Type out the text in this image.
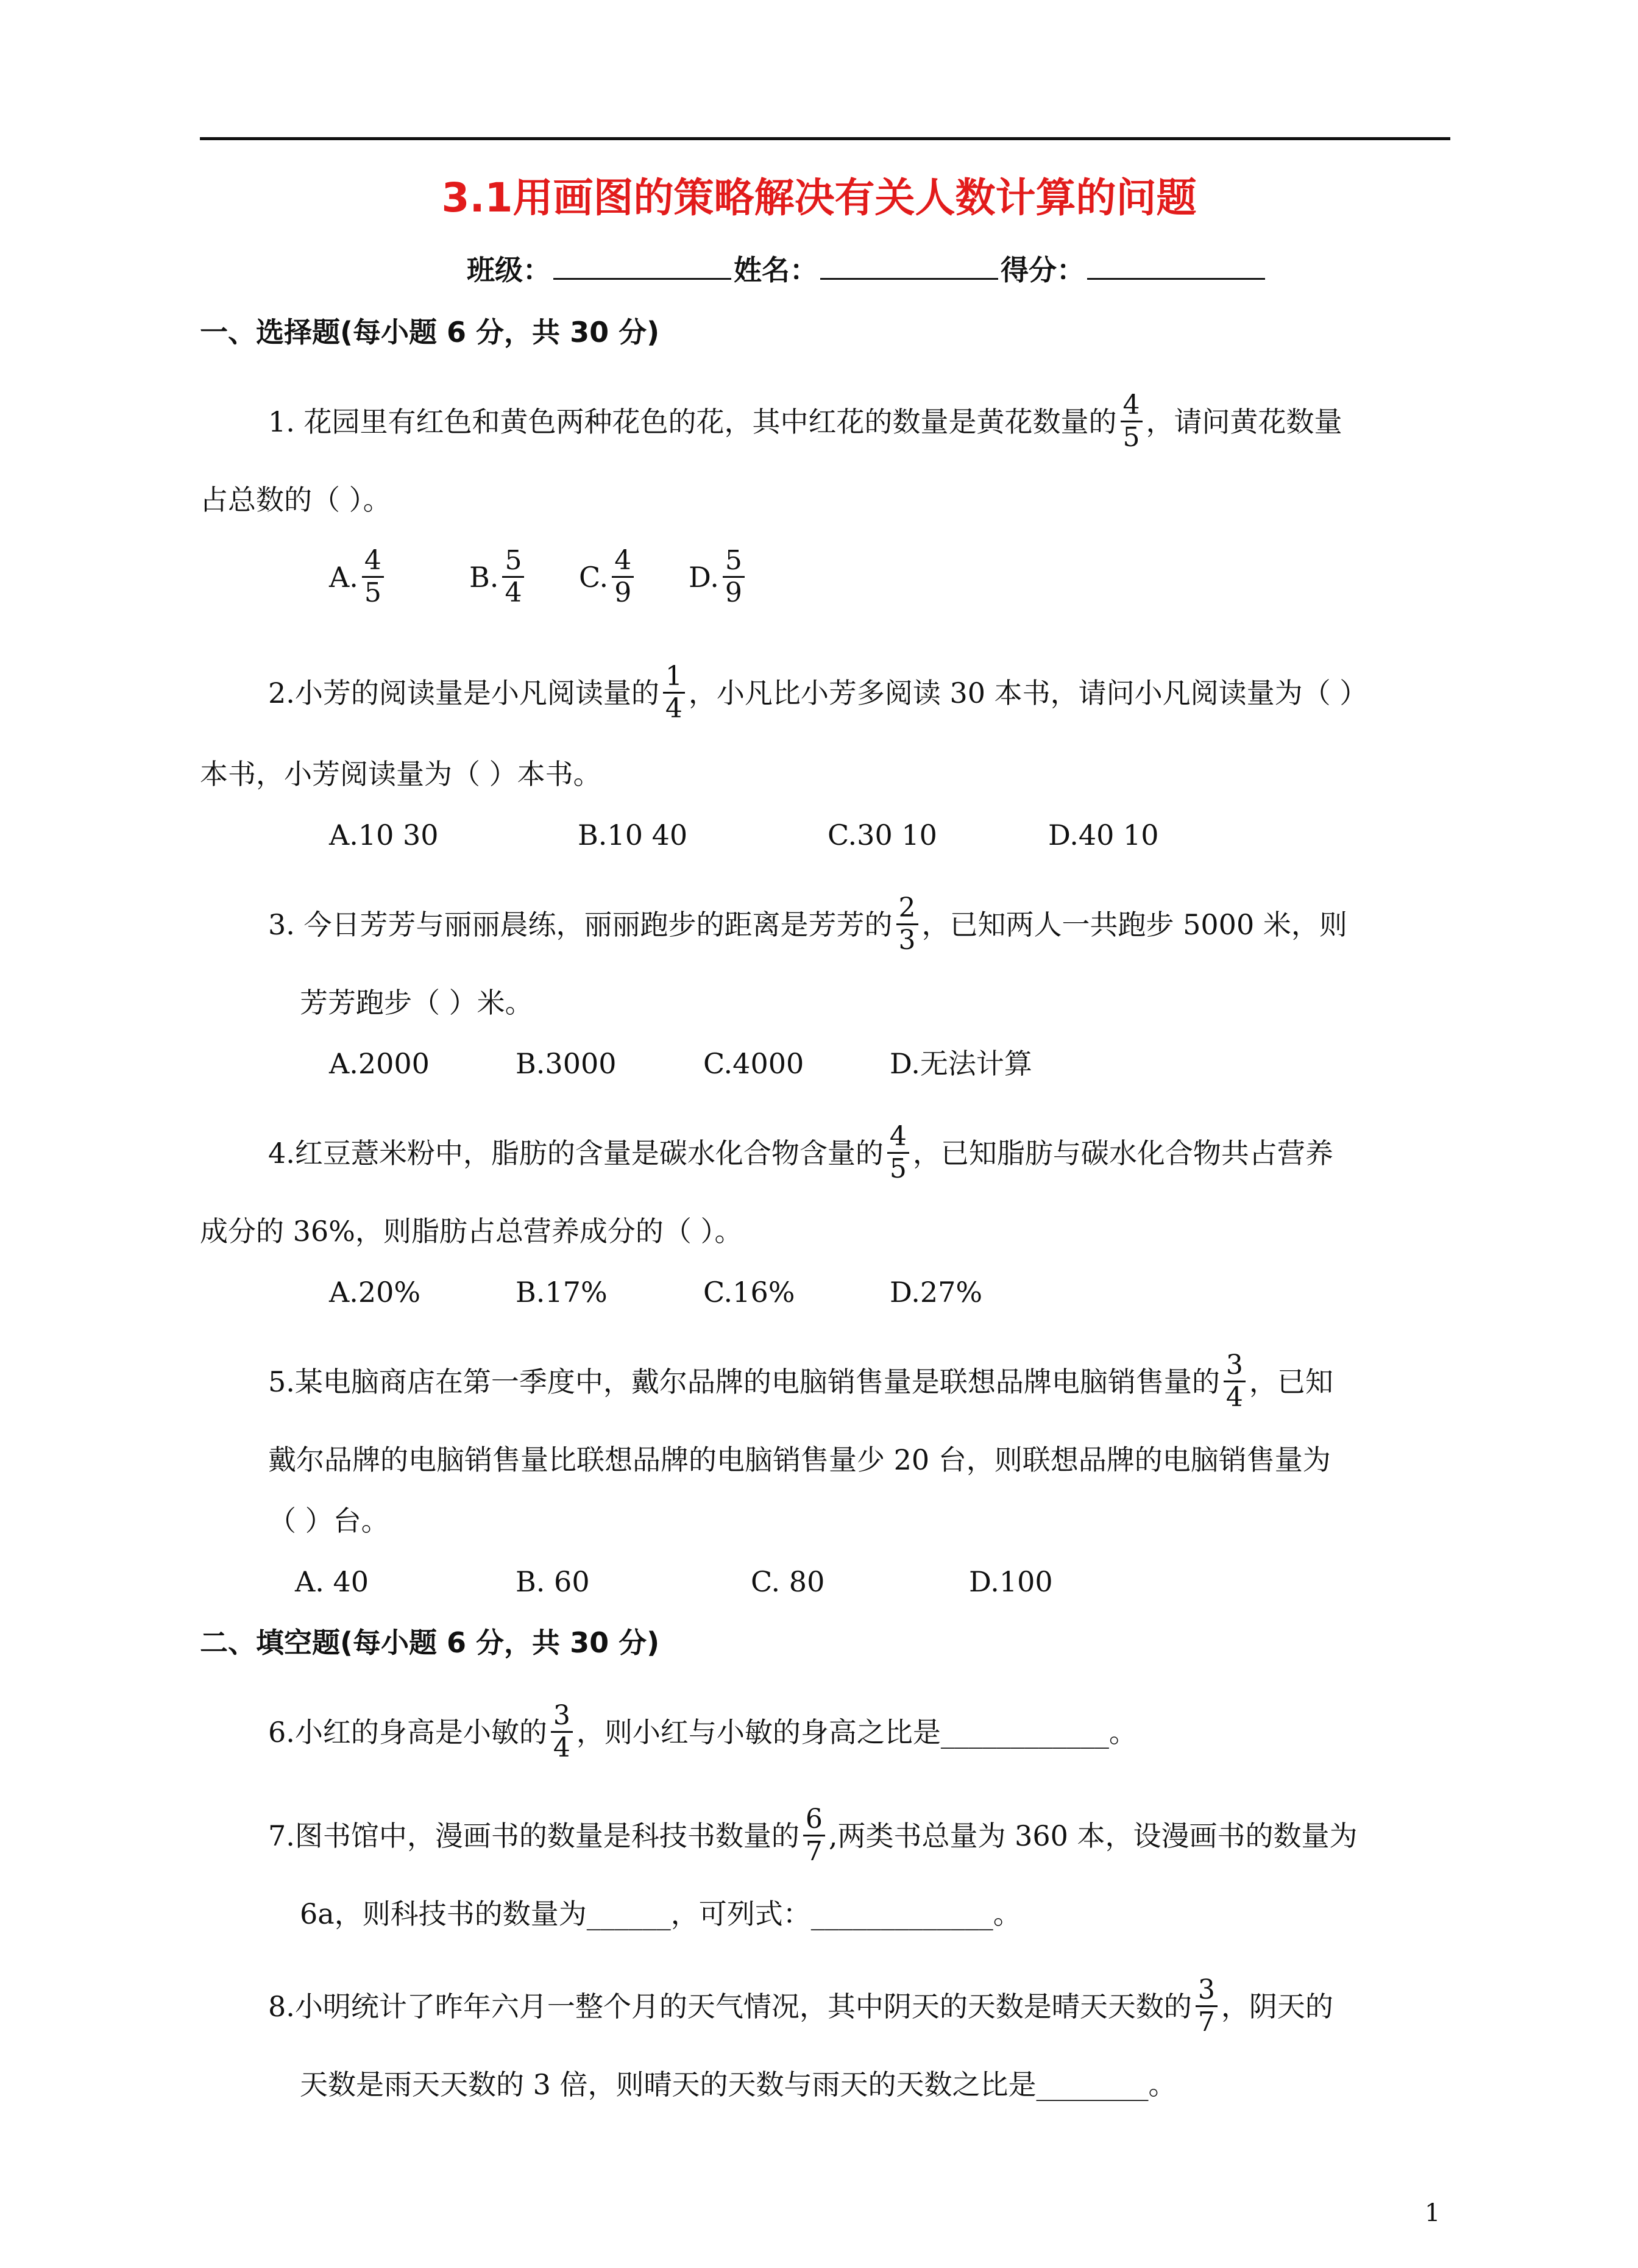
3.1用画图的策略解决有关人数计算的问题
班级：	姓名：	得分：
一、选择题(每小题 6 分，共 30 分)
1. 花园里有红色和黄色两种花色的花，其中红花的数量是黄花数量的 $\frac{4}{5}$ ，请问黄花数量
占总数的（ ）。
A. $\frac{4}{5}$	B. $\frac{5}{4} C$. $\frac{4}{9} D$. $\frac{5}{9}$
2.小芳的阅读量是小凡阅读量的 $\frac{1}{4}$ ，小凡比小芳多阅读 30 本书，请问小凡阅读量为（ ）
本书，小芳阅读量为（ ）本书。
A.10 30	B.10 40	C.30 10	D.40 10
3. 今日芳芳与丽丽晨练，丽丽跑步的距离是芳芳的 $\frac{2}{3}$ ，已知两人一共跑步 5000 米，则
芳芳跑步（ ）米。
A.2000	B.3000	C.4000	D.无法计算
4.红豆薏米粉中，脂肪的含量是碳水化合物含量的 $\frac{4}{5}$ ，已知脂肪与碳水化合物共占营养
成分的 36%，则脂肪占总营养成分的（ ）。
A.20%	B.17%	C.16%	D.27%
5.某电脑商店在第一季度中，戴尔品牌的电脑销售量是联想品牌电脑销售量的 $\frac{3}{4}$ ，已知
戴尔品牌的电脑销售量比联想品牌的电脑销售量少 20 台，则联想品牌的电脑销售量为
（ ）台。
A. 40	B. 60	C. 80	D.100
二、填空题(每小题 6 分，共 30 分)
6.小红的身高是小敏的 $\frac{3}{4}$ ，则小红与小敏的身高之比是____________。
7.图书馆中，漫画书的数量是科技书数量的 $\frac{6}{7}$ ,两类书总量为 360 本，设漫画书的数量为
6a，则科技书的数量为______，可列式：_____________。
8.小明统计了昨年六月一整个月的天气情况，其中阴天的天数是晴天天数的 $\frac{3}{7}$ ，阴天的
天数是雨天天数的 3 倍，则晴天的天数与雨天的天数之比是________。
1
